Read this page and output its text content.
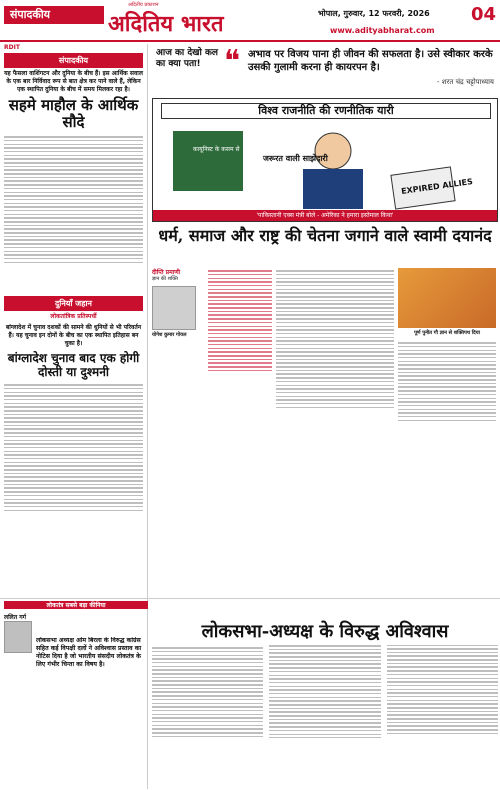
संपादकीय
अदितीय प्रकाशन
अदितिय भारत	भोपाल, गुरुवार, 12 फरवरी, 2026 04
www.adityabharat.com
RDIT
संपादकीय
यह फैसला वाशिंगटन और दुनिया के बीच हैं। इस आर्थिक सवाल के एक बार निर्विवाद रूप से बात क्षेत्र कर पाने वाले हैं, लेकिन एक स्थापित दुनिया के बीच में समय मिलकर रहा है।
सहमे माहौल के आर्थिक सौदे
दुनियाँ जहान
लोकतांत्रिक प्रतिस्पर्धी
बांग्लादेश में चुनाव दशकों की सामने की धुनियों से भी परिवर्तन हैं। यह चुनाव इन दोनों के बीच का एक स्थापित इतिहास बन चुका है।
बांग्लादेश चुनाव बाद एक होगी दोस्ती या दुश्मनी
आज का देखो कल का क्या पता! ❝ अभाव पर विजय पाना ही जीवन की सफलता है। उसे स्वीकार करके उसकी गुलामी करना ही कायरपन है।
- शरत चंद्र चट्टोपाध्याय
विश्व राजनीति की रणनीतिक यारी
कायूनिस्ट के कसम से
जरूरत वाली साझेदारी
EXPIRED ALLIES
'पाकिस्तानी एक्स मंत्री बोले - अमेरिका ने हमारा इस्तेमाल किया'
धर्म, समाज और राष्ट्र की चेतना जगाने वाले स्वामी दयानंद
दीप्ति प्रमाणी
ज्ञान की शक्ति
योगेश कुमार गोयल	पूर्ण पुनीत गौ ज्ञान से शक्तिपथ दिया
लोकतंत्र सबसे बड़ा कीनिया
ललित गर्ग
लोकसभा अध्यक्ष ओम बिरला के विरुद्ध कांग्रेस सहित कई विपक्षी दलों ने अविश्वास प्रस्ताव का नोटिस दिया है जो भारतीय संसदीय लोकतंत्र के लिए गंभीर चिन्ता का विषय है।
लोकसभा-अध्यक्ष के विरुद्ध अविश्वास
